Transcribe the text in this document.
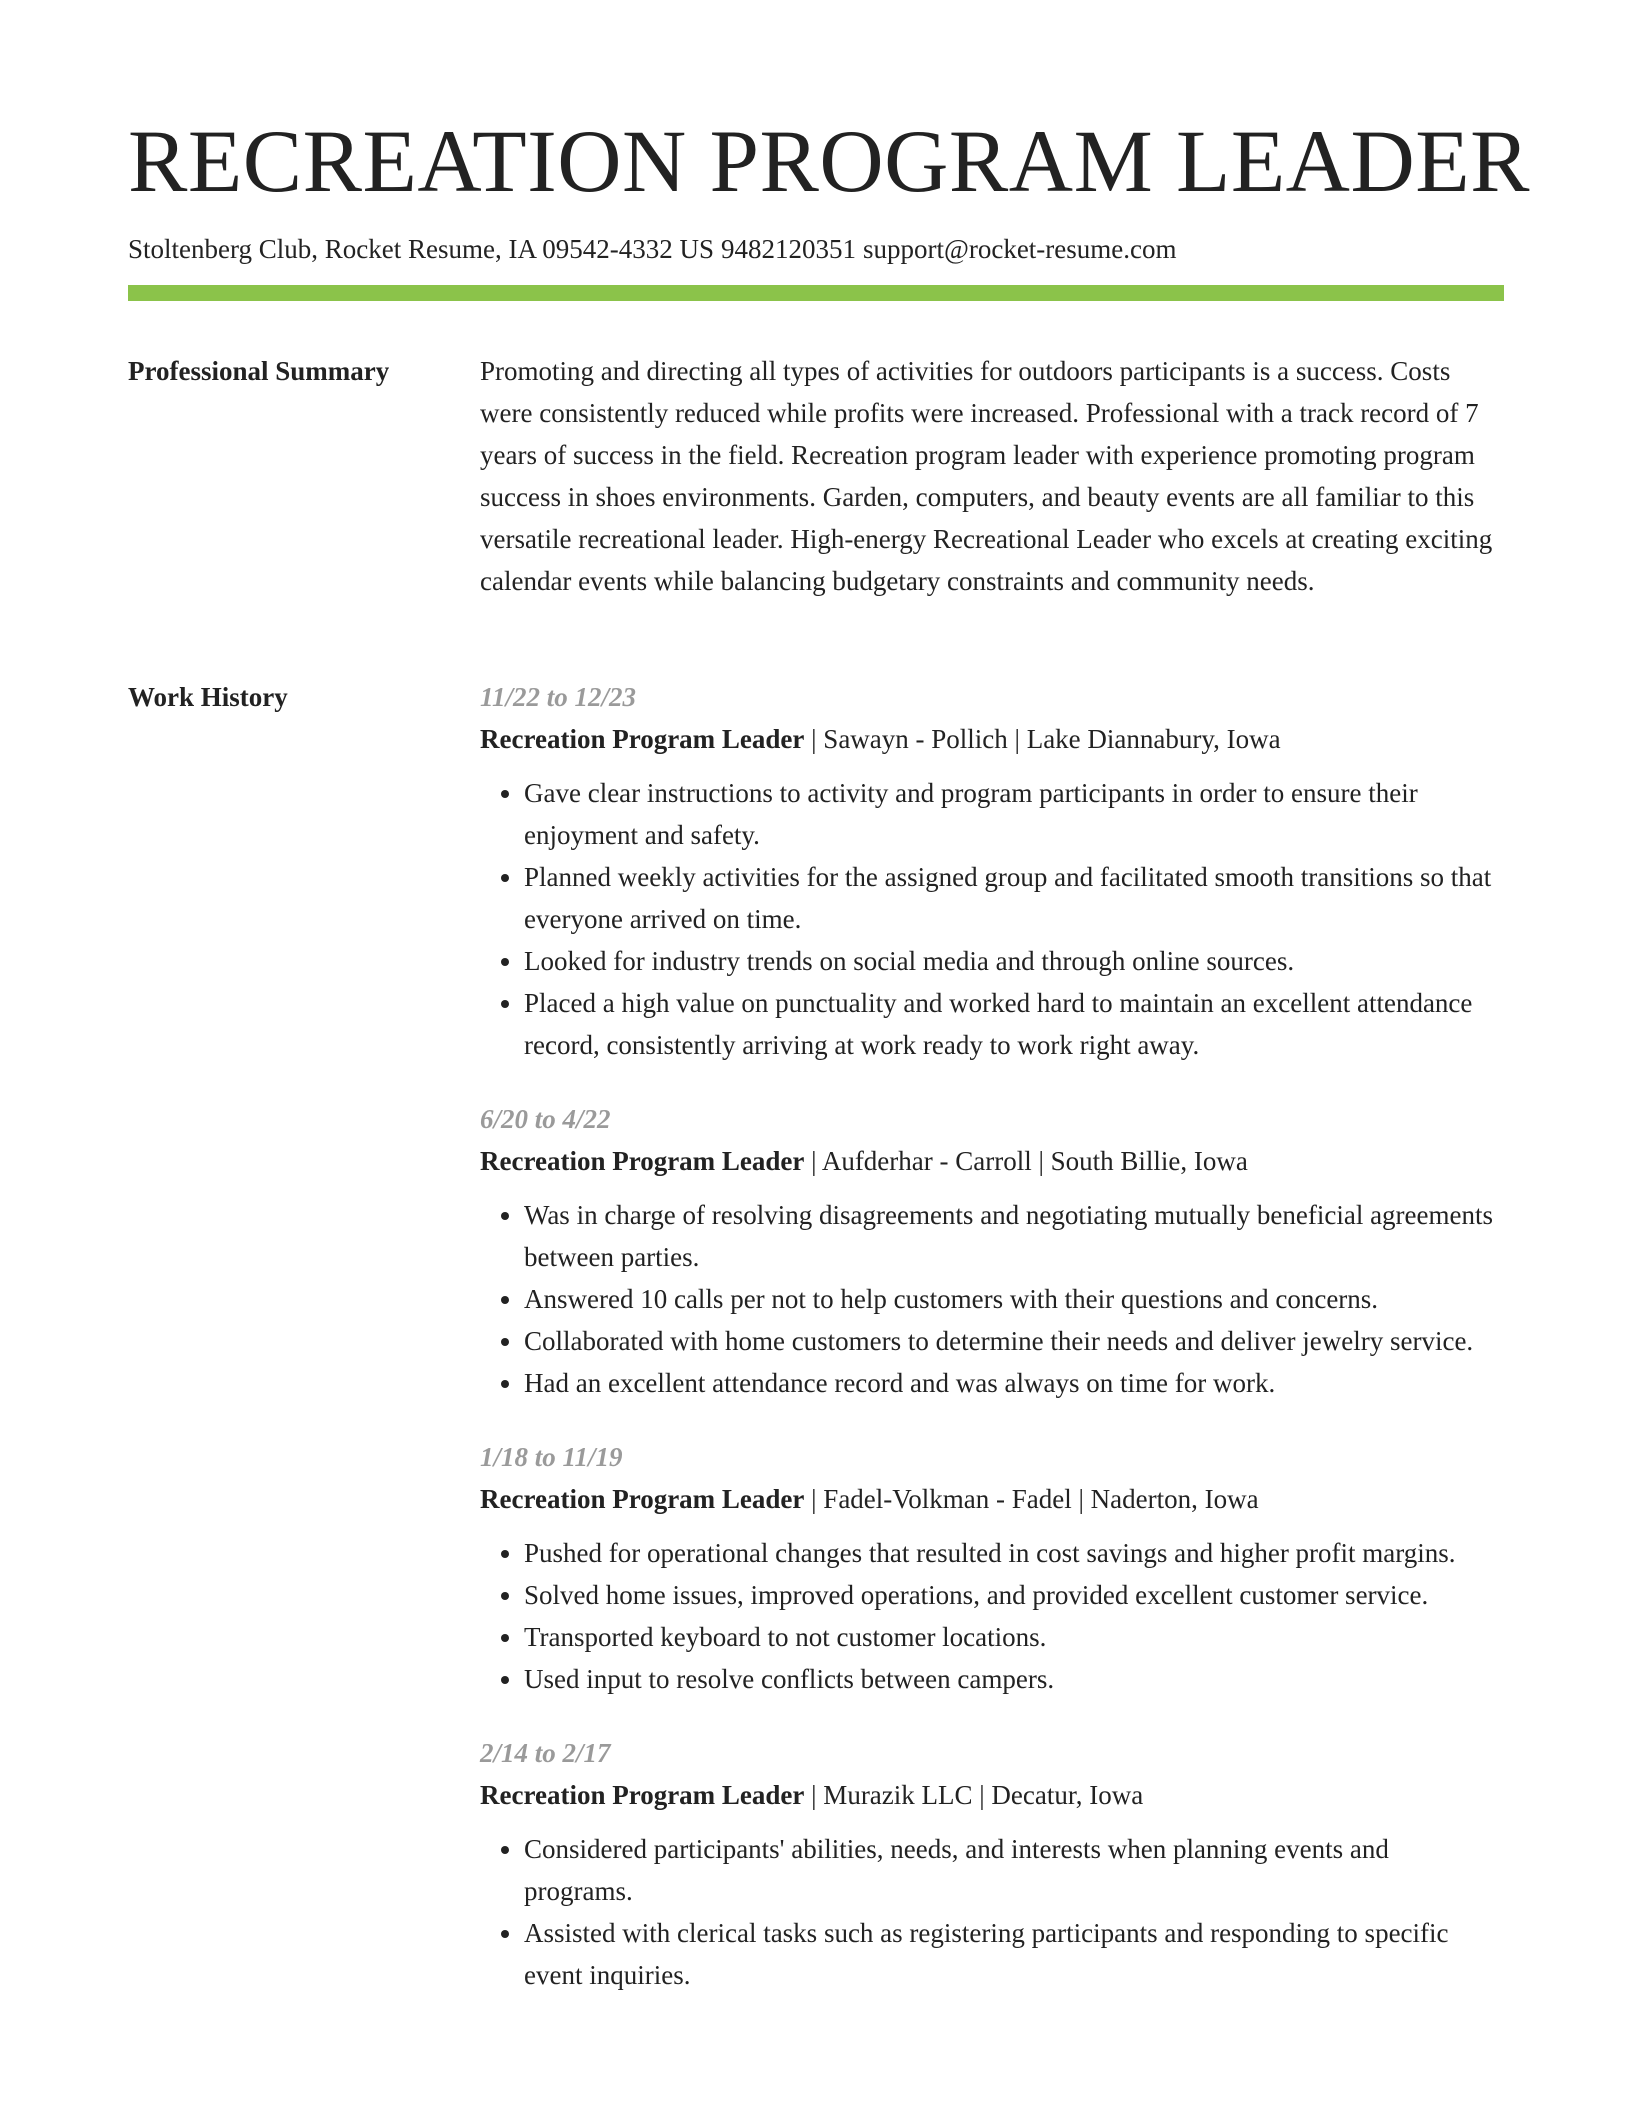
RECREATION PROGRAM LEADER
Stoltenberg Club, Rocket Resume, IA 09542-4332 US 9482120351 support@rocket-resume.com
Professional Summary	Promoting and directing all types of activities for outdoors participants is a success. Costs were consistently reduced while profits were increased. Professional with a track record of 7 years of success in the field. Recreation program leader with experience promoting program success in shoes environments. Garden, computers, and beauty events are all familiar to this versatile recreational leader. High-energy Recreational Leader who excels at creating exciting calendar events while balancing budgetary constraints and community needs.

Work History	11/22 to 12/23
Recreation Program Leader | Sawayn - Pollich | Lake Diannabury, Iowa
• Gave clear instructions to activity and program participants in order to ensure their enjoyment and safety.
• Planned weekly activities for the assigned group and facilitated smooth transitions so that everyone arrived on time.
• Looked for industry trends on social media and through online sources.
• Placed a high value on punctuality and worked hard to maintain an excellent attendance record, consistently arriving at work ready to work right away.
6/20 to 4/22
Recreation Program Leader | Aufderhar - Carroll | South Billie, Iowa
• Was in charge of resolving disagreements and negotiating mutually beneficial agreements between parties.
• Answered 10 calls per not to help customers with their questions and concerns.
• Collaborated with home customers to determine their needs and deliver jewelry service.
• Had an excellent attendance record and was always on time for work.
1/18 to 11/19
Recreation Program Leader | Fadel-Volkman - Fadel | Naderton, Iowa
• Pushed for operational changes that resulted in cost savings and higher profit margins.
• Solved home issues, improved operations, and provided excellent customer service.
• Transported keyboard to not customer locations.
• Used input to resolve conflicts between campers.
2/14 to 2/17
Recreation Program Leader | Murazik LLC | Decatur, Iowa
• Considered participants' abilities, needs, and interests when planning events and programs.
• Assisted with clerical tasks such as registering participants and responding to specific event inquiries.
